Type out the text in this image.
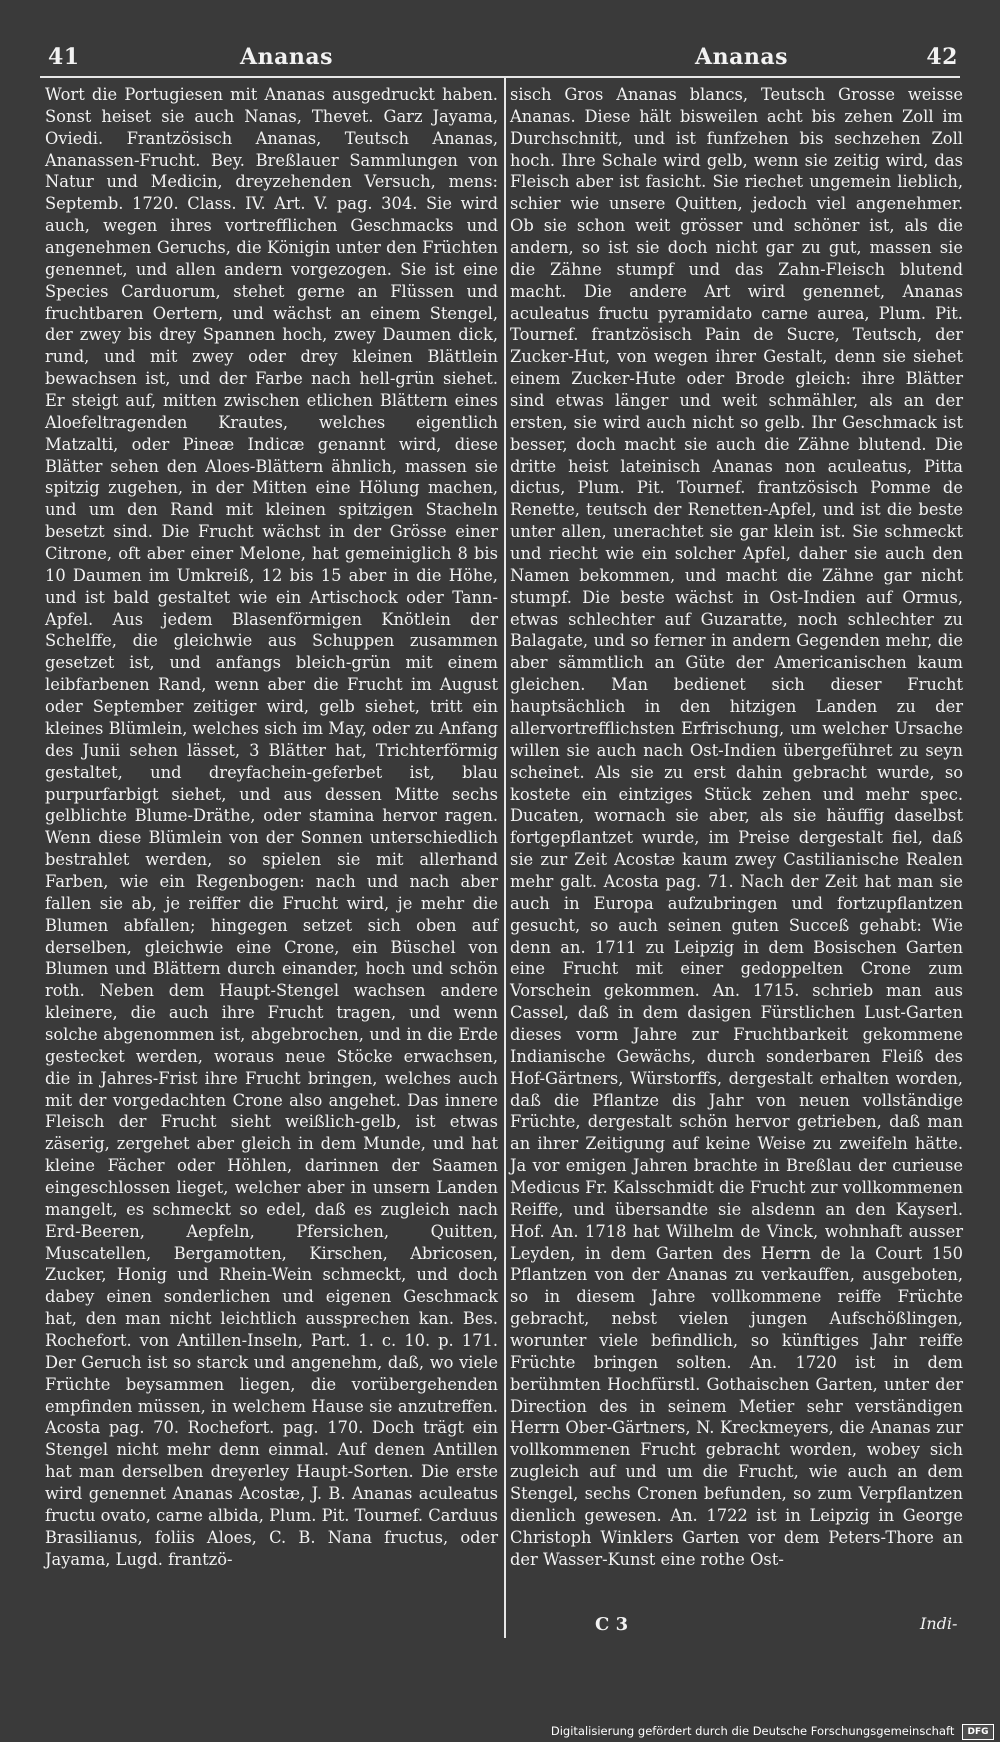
41	Ananas	Ananas	42

Wort die Portugiesen mit Ananas ausgedruckt haben. Sonst heiset sie auch Nanas, Thevet. Garz Jayama, Oviedi. Frantzösisch Ananas, Teutsch Ananas, Ananassen-Frucht. Bey. Breßlauer Sammlungen von Natur und Medicin, dreyzehenden Versuch, mens: Septemb. 1720. Class. IV. Art. V. pag. 304. Sie wird auch, wegen ihres vortrefflichen Geschmacks und angenehmen Geruchs, die Königin unter den Früchten genennet, und allen andern vorgezogen. Sie ist eine Species Carduorum, stehet gerne an Flüssen und fruchtbaren Oertern, und wächst an einem Stengel, der zwey bis drey Spannen hoch, zwey Daumen dick, rund, und mit zwey oder drey kleinen Blättlein bewachsen ist, und der Farbe nach hell-grün siehet. Er steigt auf, mitten zwischen etlichen Blättern eines Aloefeltragenden Krautes, welches eigentlich Matzalti, oder Pineæ Indicæ genannt wird, diese Blätter sehen den Aloes-Blättern ähnlich, massen sie spitzig zugehen, in der Mitten eine Hölung machen, und um den Rand mit kleinen spitzigen Stacheln besetzt sind. Die Frucht wächst in der Grösse einer Citrone, oft aber einer Melone, hat gemeiniglich 8 bis 10 Daumen im Umkreiß, 12 bis 15 aber in die Höhe, und ist bald gestaltet wie ein Artischock oder Tann-Apfel. Aus jedem Blasenförmigen Knötlein der Schelffe, die gleichwie aus Schuppen zusammen gesetzet ist, und anfangs bleich-grün mit einem leibfarbenen Rand, wenn aber die Frucht im August oder September zeitiger wird, gelb siehet, tritt ein kleines Blümlein, welches sich im May, oder zu Anfang des Junii sehen lässet, 3 Blätter hat, Trichterförmig gestaltet, und dreyfachein-geferbet ist, blau purpurfarbigt siehet, und aus dessen Mitte sechs gelblichte Blume-Dräthe, oder stamina hervor ragen. Wenn diese Blümlein von der Sonnen unterschiedlich bestrahlet werden, so spielen sie mit allerhand Farben, wie ein Regenbogen: nach und nach aber fallen sie ab, je reiffer die Frucht wird, je mehr die Blumen abfallen; hingegen setzet sich oben auf derselben, gleichwie eine Crone, ein Büschel von Blumen und Blättern durch einander, hoch und schön roth. Neben dem Haupt-Stengel wachsen andere kleinere, die auch ihre Frucht tragen, und wenn solche abgenommen ist, abgebrochen, und in die Erde gestecket werden, woraus neue Stöcke erwachsen, die in Jahres-Frist ihre Frucht bringen, welches auch mit der vorgedachten Crone also angehet. Das innere Fleisch der Frucht sieht weißlich-gelb, ist etwas zäserig, zergehet aber gleich in dem Munde, und hat kleine Fächer oder Höhlen, darinnen der Saamen eingeschlossen lieget, welcher aber in unsern Landen mangelt, es schmeckt so edel, daß es zugleich nach Erd-Beeren, Aepfeln, Pfersichen, Quitten, Muscatellen, Bergamotten, Kirschen, Abricosen, Zucker, Honig und Rhein-Wein schmeckt, und doch dabey einen sonderlichen und eigenen Geschmack hat, den man nicht leichtlich aussprechen kan. Bes. Rochefort. von Antillen-Inseln, Part. 1. c. 10. p. 171. Der Geruch ist so starck und angenehm, daß, wo viele Früchte beysammen liegen, die vorübergehenden empfinden müssen, in welchem Hause sie anzutreffen. Acosta pag. 70. Rochefort. pag. 170. Doch trägt ein Stengel nicht mehr denn einmal. Auf denen Antillen hat man derselben dreyerley Haupt-Sorten. Die erste wird genennet Ananas Acostæ, J. B. Ananas aculeatus fructu ovato, carne albida, Plum. Pit. Tournef. Carduus Brasilianus, foliis Aloes, C. B. Nana fructus, oder Jayama, Lugd. frantzö-

sisch Gros Ananas blancs, Teutsch Grosse weisse Ananas. Diese hält bisweilen acht bis zehen Zoll im Durchschnitt, und ist funfzehen bis sechzehen Zoll hoch. Ihre Schale wird gelb, wenn sie zeitig wird, das Fleisch aber ist fasicht. Sie riechet ungemein lieblich, schier wie unsere Quitten, jedoch viel angenehmer. Ob sie schon weit grösser und schöner ist, als die andern, so ist sie doch nicht gar zu gut, massen sie die Zähne stumpf und das Zahn-Fleisch blutend macht. Die andere Art wird genennet, Ananas aculeatus fructu pyramidato carne aurea, Plum. Pit. Tournef. frantzösisch Pain de Sucre, Teutsch, der Zucker-Hut, von wegen ihrer Gestalt, denn sie siehet einem Zucker-Hute oder Brode gleich: ihre Blätter sind etwas länger und weit schmähler, als an der ersten, sie wird auch nicht so gelb. Ihr Geschmack ist besser, doch macht sie auch die Zähne blutend. Die dritte heist lateinisch Ananas non aculeatus, Pitta dictus, Plum. Pit. Tournef. frantzösisch Pomme de Renette, teutsch der Renetten-Apfel, und ist die beste unter allen, unerachtet sie gar klein ist. Sie schmeckt und riecht wie ein solcher Apfel, daher sie auch den Namen bekommen, und macht die Zähne gar nicht stumpf. Die beste wächst in Ost-Indien auf Ormus, etwas schlechter auf Guzaratte, noch schlechter zu Balagate, und so ferner in andern Gegenden mehr, die aber sämmtlich an Güte der Americanischen kaum gleichen. Man bedienet sich dieser Frucht hauptsächlich in den hitzigen Landen zu der allervortrefflichsten Erfrischung, um welcher Ursache willen sie auch nach Ost-Indien übergeführet zu seyn scheinet. Als sie zu erst dahin gebracht wurde, so kostete ein eintziges Stück zehen und mehr spec. Ducaten, wornach sie aber, als sie häuffig daselbst fortgepflantzet wurde, im Preise dergestalt fiel, daß sie zur Zeit Acostæ kaum zwey Castilianische Realen mehr galt. Acosta pag. 71. Nach der Zeit hat man sie auch in Europa aufzubringen und fortzupflantzen gesucht, so auch seinen guten Succeß gehabt: Wie denn an. 1711 zu Leipzig in dem Bosischen Garten eine Frucht mit einer gedoppelten Crone zum Vorschein gekommen. An. 1715. schrieb man aus Cassel, daß in dem dasigen Fürstlichen Lust-Garten dieses vorm Jahre zur Fruchtbarkeit gekommene Indianische Gewächs, durch sonderbaren Fleiß des Hof-Gärtners, Würstorffs, dergestalt erhalten worden, daß die Pflantze dis Jahr von neuen vollständige Früchte, dergestalt schön hervor getrieben, daß man an ihrer Zeitigung auf keine Weise zu zweifeln hätte. Ja vor emigen Jahren brachte in Breßlau der curieuse Medicus Fr. Kalsschmidt die Frucht zur vollkommenen Reiffe, und übersandte sie alsdenn an den Kayserl. Hof. An. 1718 hat Wilhelm de Vinck, wohnhaft ausser Leyden, in dem Garten des Herrn de la Court 150 Pflantzen von der Ananas zu verkauffen, ausgeboten, so in diesem Jahre vollkommene reiffe Früchte gebracht, nebst vielen jungen Aufschößlingen, worunter viele befindlich, so künftiges Jahr reiffe Früchte bringen solten. An. 1720 ist in dem berühmten Hochfürstl. Gothaischen Garten, unter der Direction des in seinem Metier sehr verständigen Herrn Ober-Gärtners, N. Kreckmeyers, die Ananas zur vollkommenen Frucht gebracht worden, wobey sich zugleich auf und um die Frucht, wie auch an dem Stengel, sechs Cronen befunden, so zum Verpflantzen dienlich gewesen. An. 1722 ist in Leipzig in George Christoph Winklers Garten vor dem Peters-Thore an der Wasser-Kunst eine rothe Ost-

C 3	Indi-
Digitalisierung gefördert durch die Deutsche Forschungsgemeinschaft DFG
